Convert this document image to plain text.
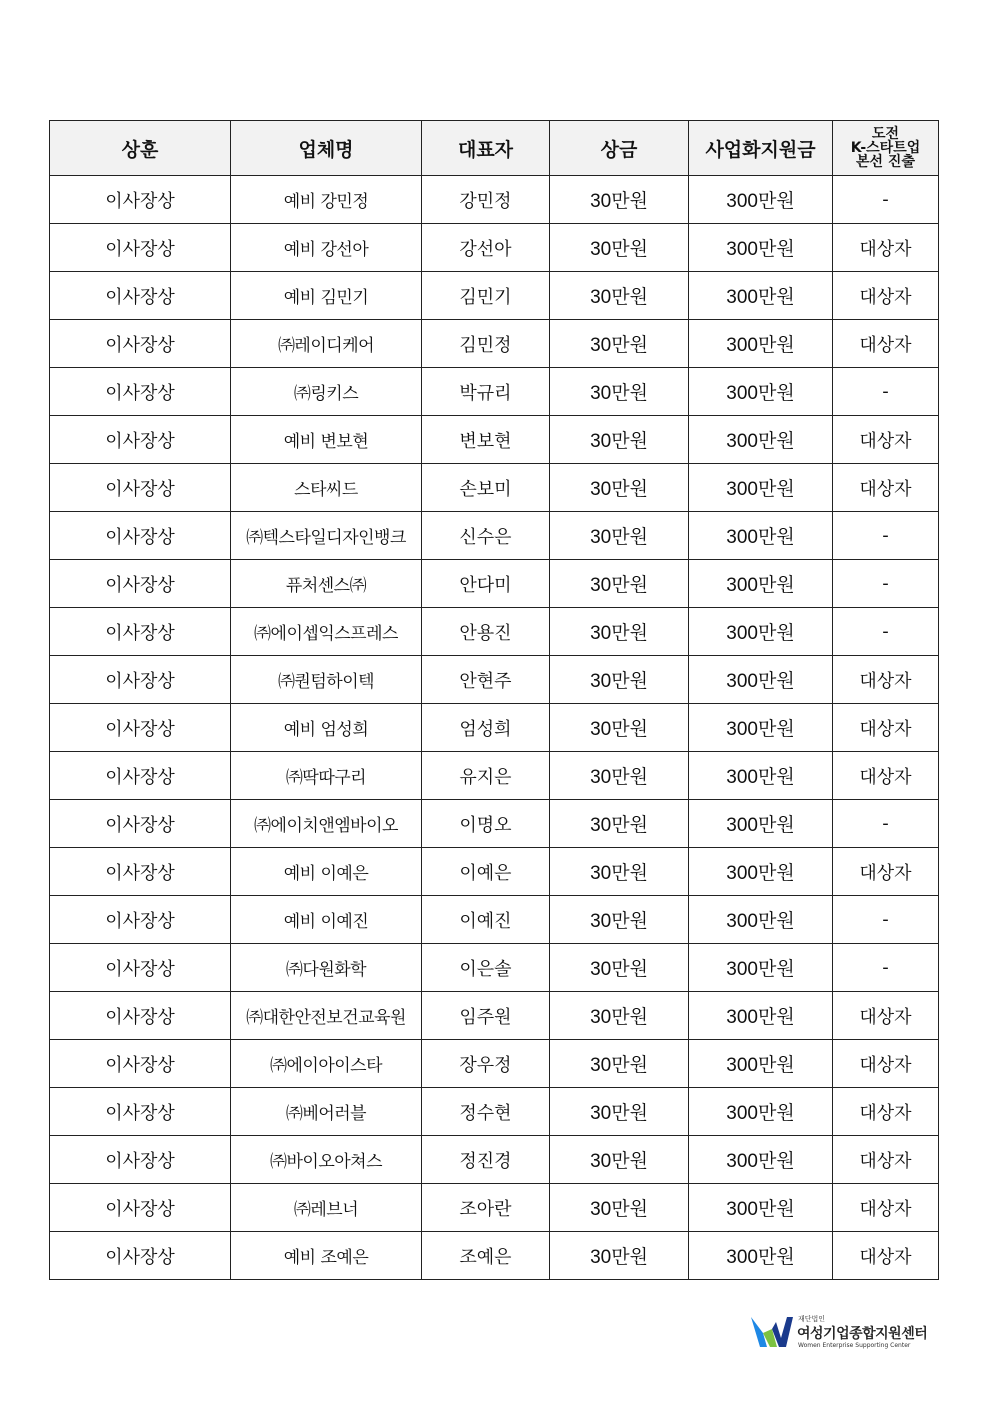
상훈	업체명	대표자	상금	사업화지원금	도전
K-스타트업
본선 진출

이사장상	예비 강민정	강민정	30만원	300만원	-
이사장상	예비 강선아	강선아	30만원	300만원	대상자
이사장상	예비 김민기	김민기	30만원	300만원	대상자
이사장상	㈜레이디케어	김민정	30만원	300만원	대상자
이사장상	㈜링키스	박규리	30만원	300만원	-
이사장상	예비 변보현	변보현	30만원	300만원	대상자
이사장상	스타씨드	손보미	30만원	300만원	대상자
이사장상	㈜텍스타일디자인뱅크	신수은	30만원	300만원	-
이사장상	퓨처센스㈜	안다미	30만원	300만원	-
이사장상	㈜에이셉익스프레스	안용진	30만원	300만원	-
이사장상	㈜퀀텀하이텍	안현주	30만원	300만원	대상자
이사장상	예비 엄성희	엄성희	30만원	300만원	대상자
이사장상	㈜딱따구리	유지은	30만원	300만원	대상자
이사장상	㈜에이치앤엠바이오	이명오	30만원	300만원	-
이사장상	예비 이예은	이예은	30만원	300만원	대상자
이사장상	예비 이예진	이예진	30만원	300만원	-
이사장상	㈜다원화학	이은솔	30만원	300만원	-
이사장상	㈜대한안전보건교육원	임주원	30만원	300만원	대상자
이사장상	㈜에이아이스타	장우정	30만원	300만원	대상자
이사장상	㈜베어러블	정수현	30만원	300만원	대상자
이사장상	㈜바이오아쳐스	정진경	30만원	300만원	대상자
이사장상	㈜레브너	조아란	30만원	300만원	대상자
이사장상	예비 조예은	조예은	30만원	300만원	대상자
재단법인
여성기업종합지원센터
Women Enterprise Supporting Center
